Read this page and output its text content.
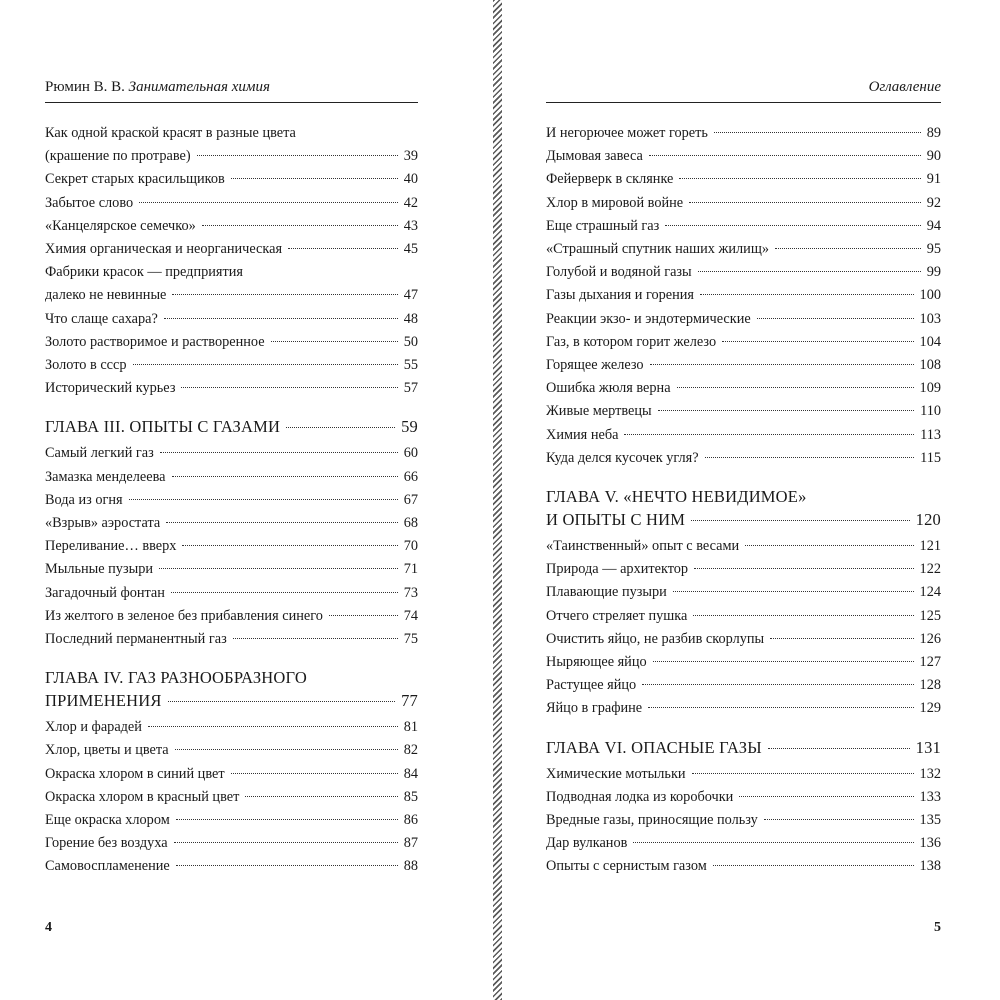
Рюмин В. В. Занимательная химия
Как одной краской красят в разные цвета
(крашение по протраве)	39
Секрет старых красильщиков	40
Забытое слово	42
«Канцелярское семечко»	43
Химия органическая и неорганическая	45
Фабрики красок — предприятия
далеко не невинные	47
Что слаще сахара?	48
Золото растворимое и растворенное	50
Золото в ссср	55
Исторический курьез	57
ГЛАВА III. ОПЫТЫ С ГАЗАМИ	59
Самый легкий газ	60
Замазка менделеева	66
Вода из огня	67
«Взрыв» аэростата	68
Переливание… вверх	70
Мыльные пузыри	71
Загадочный фонтан	73
Из желтого в зеленое без прибавления синего	74
Последний перманентный газ	75
ГЛАВА IV. ГАЗ РАЗНООБРАЗНОГО
ПРИМЕНЕНИЯ	77
Хлор и фарадей	81
Хлор, цветы и цвета	82
Окраска хлором в синий цвет	84
Окраска хлором в красный цвет	85
Еще окраска хлором	86
Горение без воздуха	87
Самовоспламенение	88
4
Оглавление
И негорючее может гореть	89
Дымовая завеса	90
Фейерверк в склянке	91
Хлор в мировой войне	92
Еще страшный газ	94
«Страшный спутник наших жилищ»	95
Голубой и водяной газы	99
Газы дыхания и горения	100
Реакции экзо- и эндотермические	103
Газ, в котором горит железо	104
Горящее железо	108
Ошибка жюля верна	109
Живые мертвецы	110
Химия неба	113
Куда делся кусочек угля?	115
ГЛАВА V. «НЕЧТО НЕВИДИМОЕ»
И ОПЫТЫ С НИМ	120
«Таинственный» опыт с весами	121
Природа — архитектор	122
Плавающие пузыри	124
Отчего стреляет пушка	125
Очистить яйцо, не разбив скорлупы	126
Ныряющее яйцо	127
Растущее яйцо	128
Яйцо в графине	129
ГЛАВА VI. ОПАСНЫЕ ГАЗЫ	131
Химические мотыльки	132
Подводная лодка из коробочки	133
Вредные газы, приносящие пользу	135
Дар вулканов	136
Опыты с сернистым газом	138
5
